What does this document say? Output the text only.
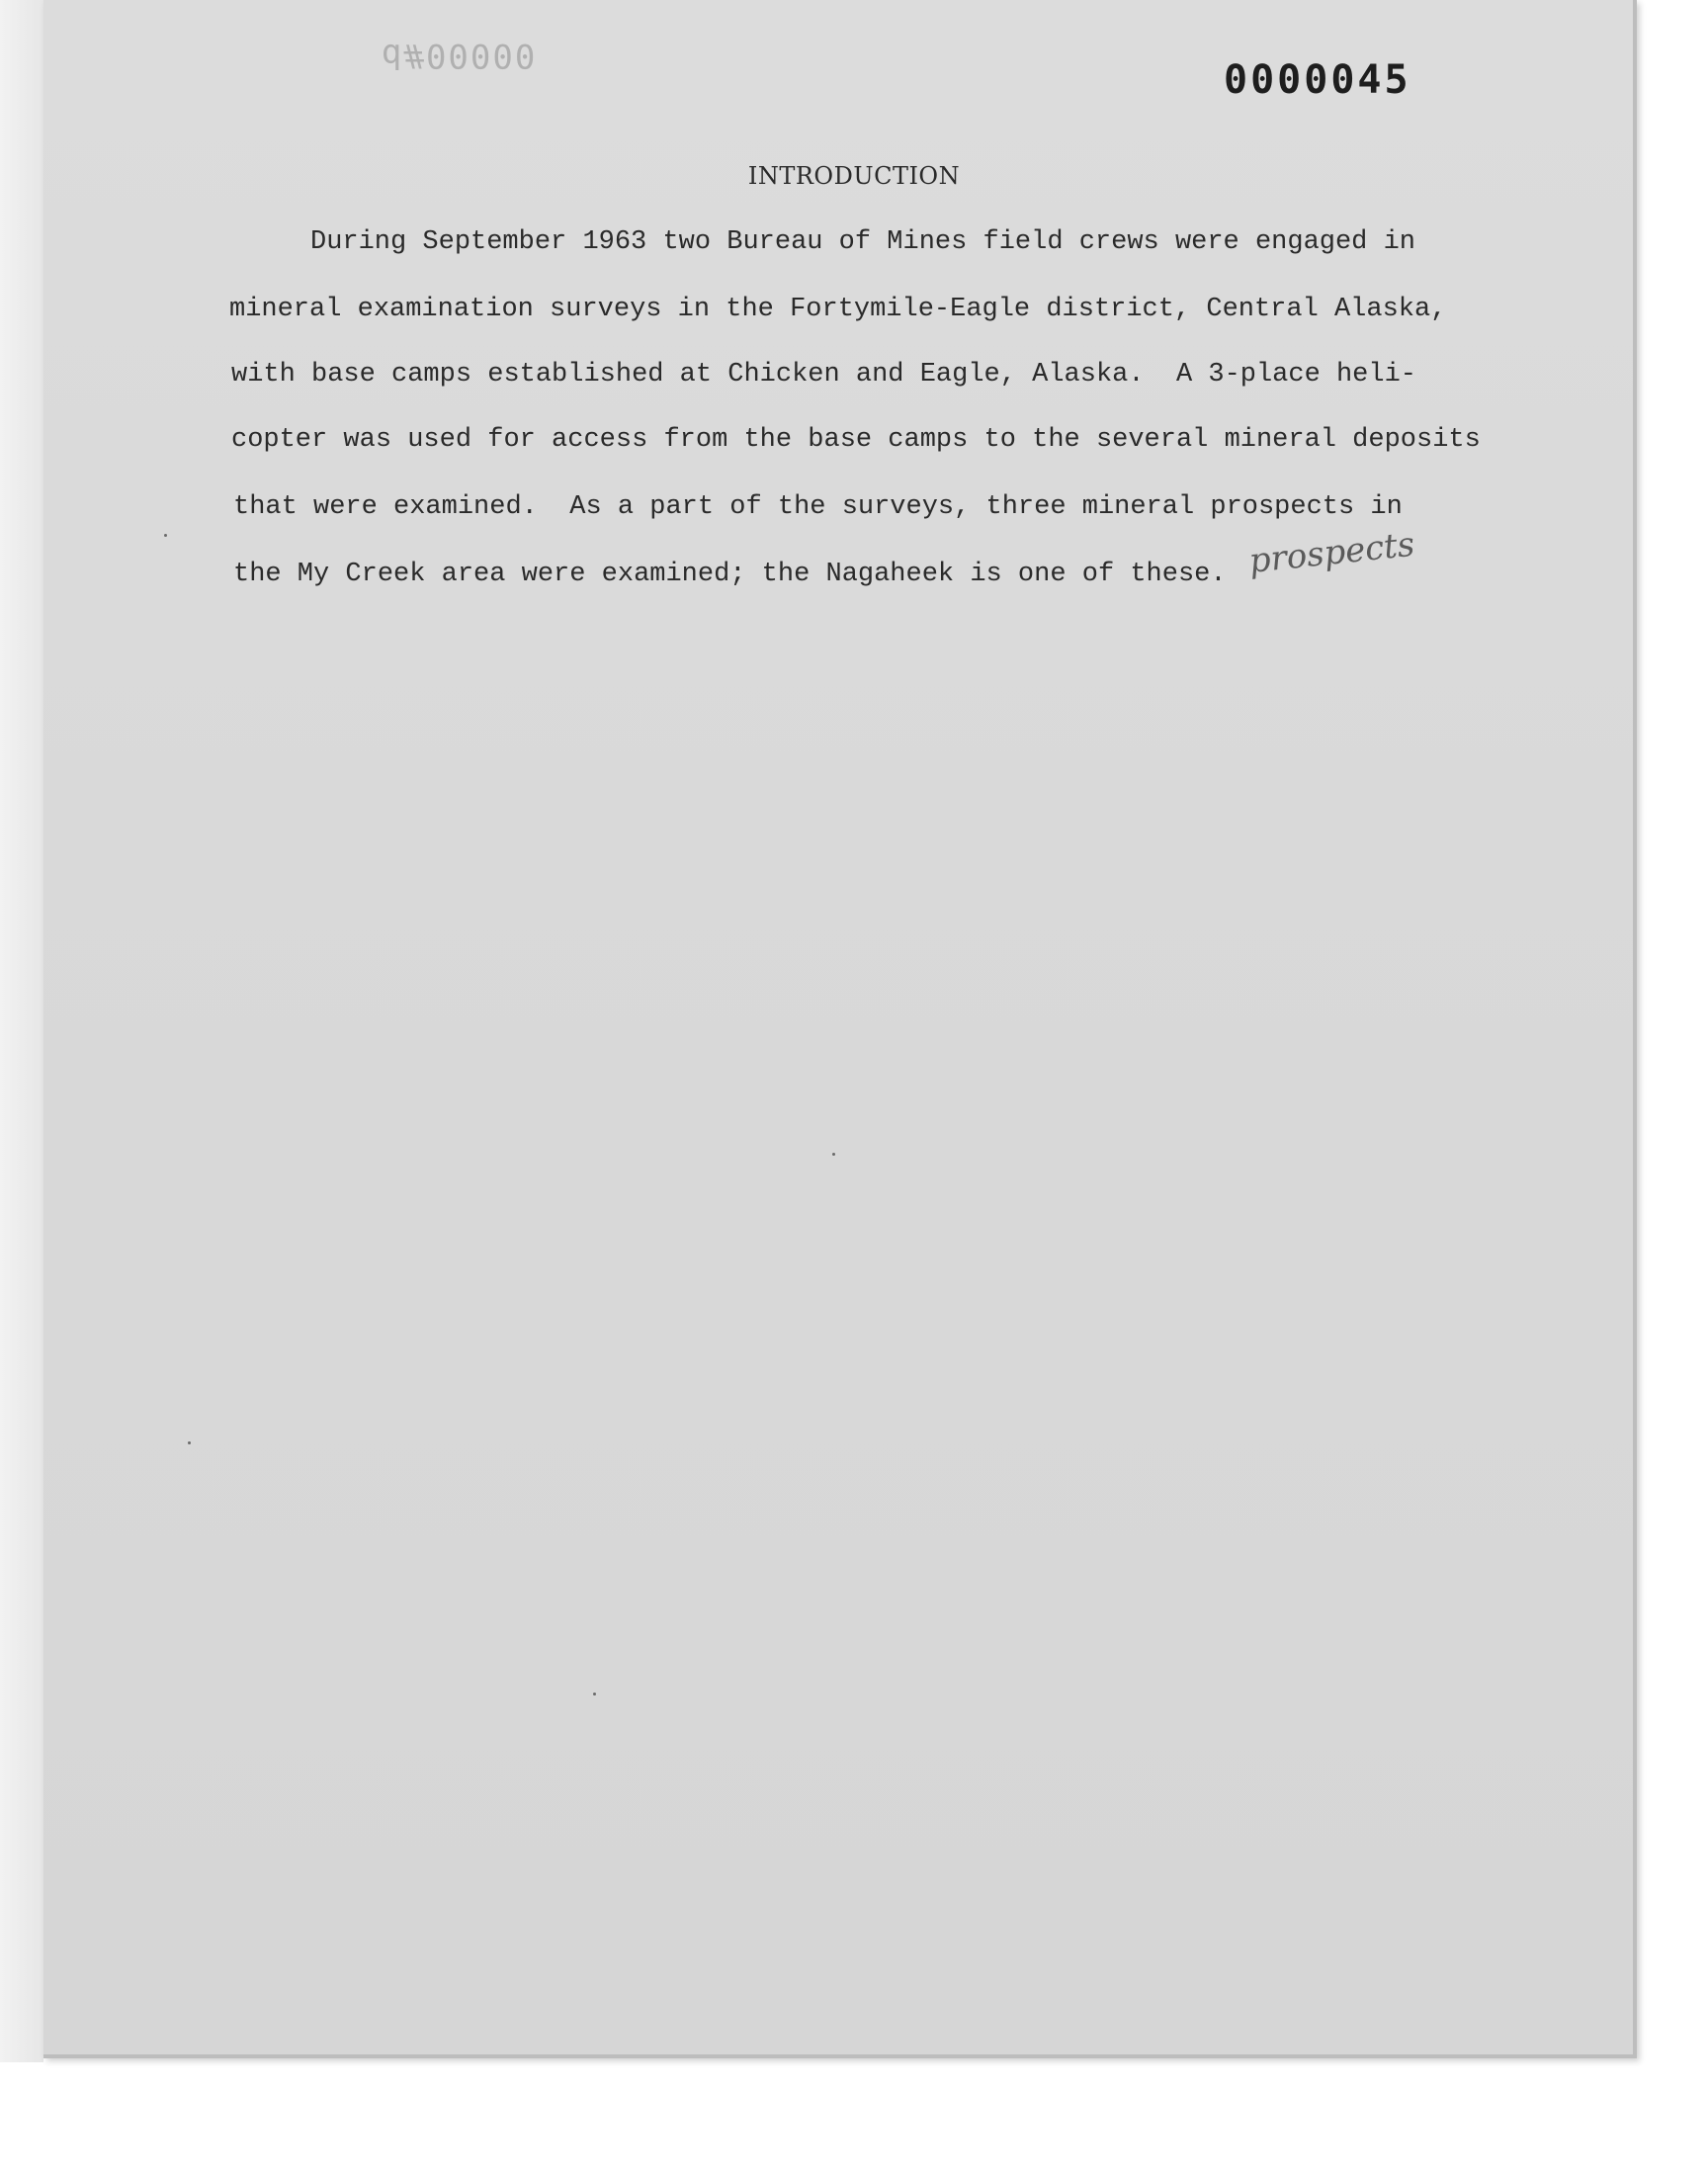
d#00000
0000045
INTRODUCTION
During September 1963 two Bureau of Mines field crews were engaged in
mineral examination surveys in the Fortymile-Eagle district, Central Alaska,
with base camps established at Chicken and Eagle, Alaska.  A 3-place heli-
copter was used for access from the base camps to the several mineral deposits
that were examined.  As a part of the surveys, three mineral prospects in
the My Creek area were examined; the Nagaheek is one of these. prospects
